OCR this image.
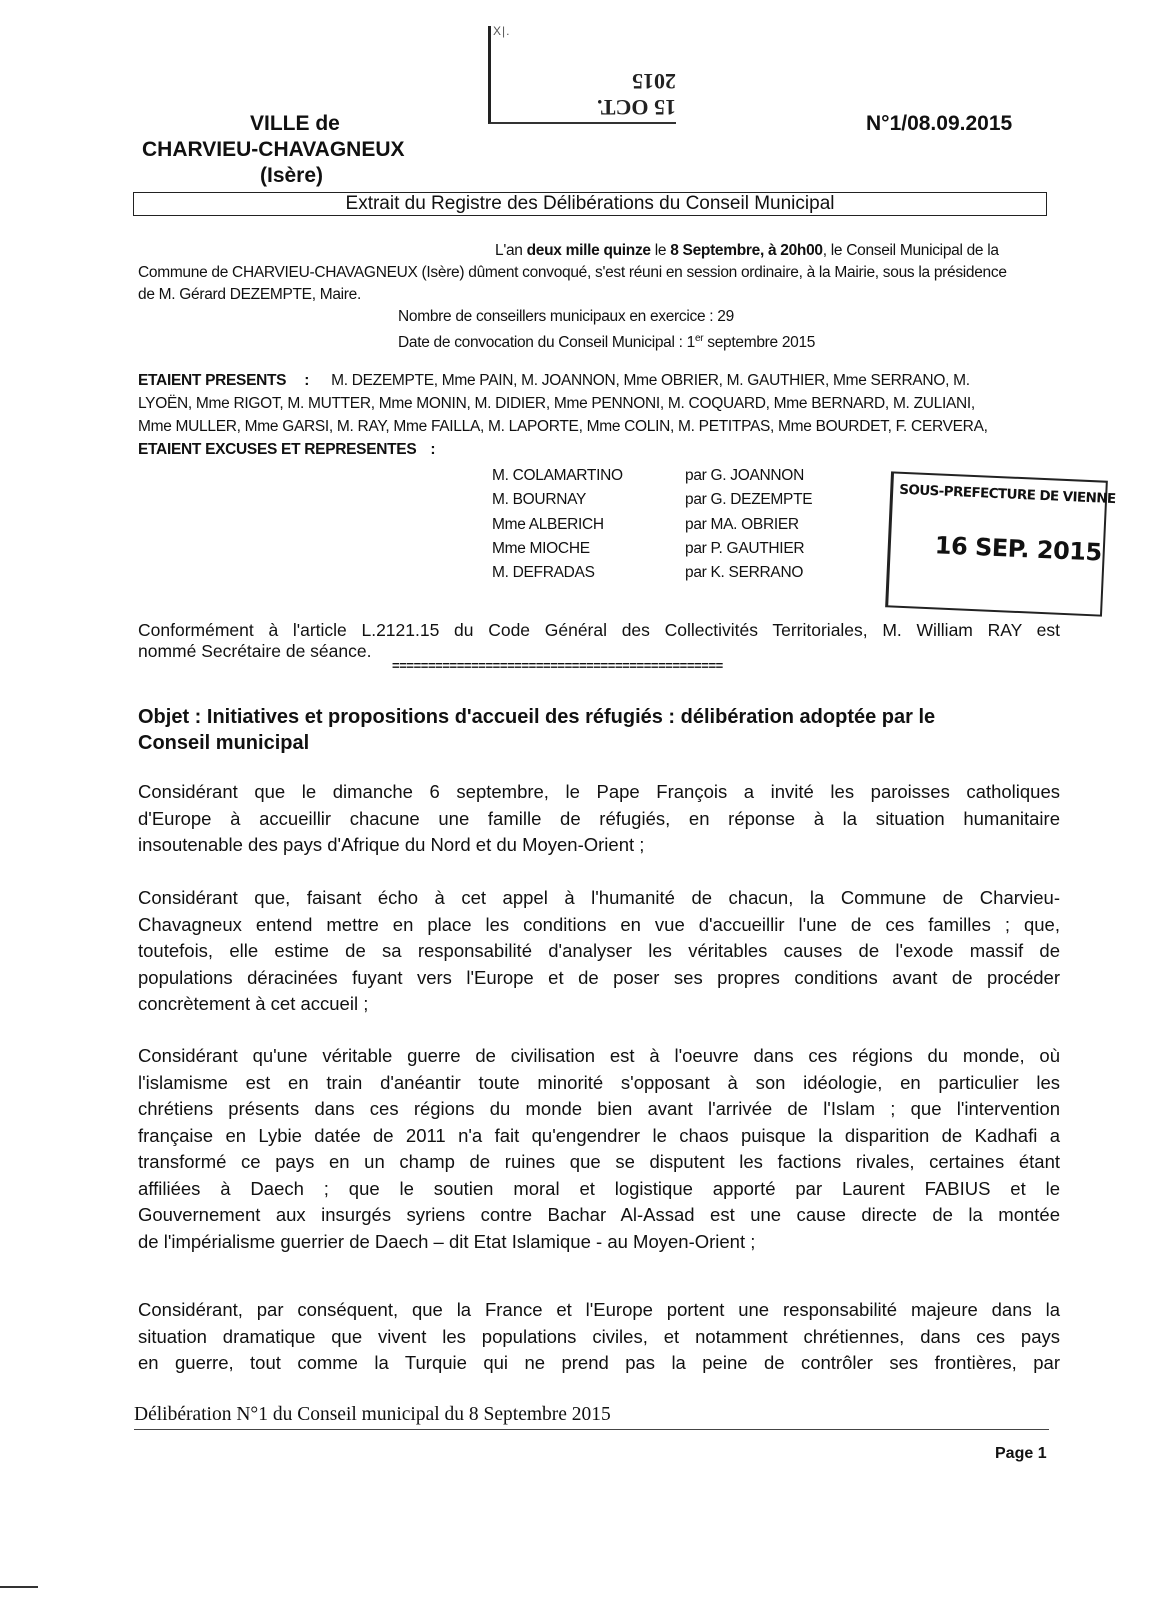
VILLE de
CHARVIEU-CHAVAGNEUX
(Isère)
N°1/08.09.2015
X|.
15 OCT. 2015
Extrait du Registre des Délibérations du Conseil Municipal
L'an deux mille quinze le 8 Septembre, à 20h00, le Conseil Municipal de la
Commune de CHARVIEU-CHAVAGNEUX (Isère) dûment convoqué, s'est réuni en session ordinaire, à la Mairie, sous la présidence
de M. Gérard DEZEMPTE, Maire.
Nombre de conseillers municipaux en exercice : 29
Date de convocation du Conseil Municipal : 1er septembre 2015
ETAIENT PRESENTS : M. DEZEMPTE, Mme PAIN, M. JOANNON, Mme OBRIER, M. GAUTHIER, Mme SERRANO, M.
LYOËN, Mme RIGOT, M. MUTTER, Mme MONIN, M. DIDIER, Mme PENNONI, M. COQUARD, Mme BERNARD, M. ZULIANI,
Mme MULLER, Mme GARSI, M. RAY, Mme FAILLA, M. LAPORTE, Mme COLIN, M. PETITPAS, Mme BOURDET, F. CERVERA,
ETAIENT EXCUSES ET REPRESENTES :
M. COLAMARTINO
M. BOURNAY
Mme ALBERICH
Mme MIOCHE
M. DEFRADAS
par G. JOANNON
par G. DEZEMPTE
par MA. OBRIER
par P. GAUTHIER
par K. SERRANO
SOUS-PREFECTURE DE VIENNE
16 SEP. 2015
Conformément à l'article L.2121.15 du Code Général des Collectivités Territoriales, M. William RAY est
nommé Secrétaire de séance.
==============================================
Objet : Initiatives et propositions d'accueil des réfugiés : délibération adoptée par le
Conseil municipal
Considérant que le dimanche 6 septembre, le Pape François a invité les paroisses catholiques
d'Europe à accueillir chacune une famille de réfugiés, en réponse à la situation humanitaire
insoutenable des pays d'Afrique du Nord et du Moyen-Orient ;
Considérant que, faisant écho à cet appel à l'humanité de chacun, la Commune de Charvieu-
Chavagneux entend mettre en place les conditions en vue d'accueillir l'une de ces familles ; que,
toutefois, elle estime de sa responsabilité d'analyser les véritables causes de l'exode massif de
populations déracinées fuyant vers l'Europe et de poser ses propres conditions avant de procéder
concrètement à cet accueil ;
Considérant qu'une véritable guerre de civilisation est à l'oeuvre dans ces régions du monde, où
l'islamisme est en train d'anéantir toute minorité s'opposant à son idéologie, en particulier les
chrétiens présents dans ces régions du monde bien avant l'arrivée de l'Islam ; que l'intervention
française en Lybie datée de 2011 n'a fait qu'engendrer le chaos puisque la disparition de Kadhafi a
transformé ce pays en un champ de ruines que se disputent les factions rivales, certaines étant
affiliées à Daech ; que le soutien moral et logistique apporté par Laurent FABIUS et le
Gouvernement aux insurgés syriens contre Bachar Al-Assad est une cause directe de la montée
de l'impérialisme guerrier de Daech – dit Etat Islamique - au Moyen-Orient ;
Considérant, par conséquent, que la France et l'Europe portent une responsabilité majeure dans la
situation dramatique que vivent les populations civiles, et notamment chrétiennes, dans ces pays
en guerre, tout comme la Turquie qui ne prend pas la peine de contrôler ses frontières, par
Délibération N°1 du Conseil municipal du 8 Septembre 2015
Page 1
